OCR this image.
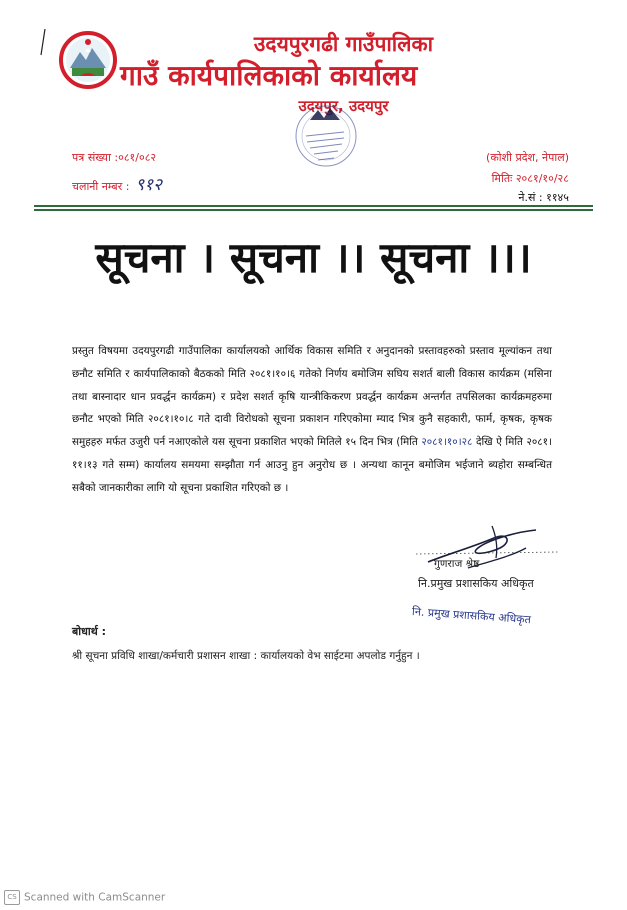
उदयपुरगढी गाउँपालिका
गाउँ कार्यपालिकाको कार्यालय
उदयपुर, उदयपुर
पत्र संख्या :०८१/०८२
चलानी नम्बर : ९१२
(कोशी प्रदेश, नेपाल)
मितिः २०८१/१०/२८
ने.सं : ११४५
सूचना । सूचना ।। सूचना ।।।
प्रस्तुत विषयमा उदयपुरगढी गाउँपालिका कार्यालयको आर्थिक विकास समिति र अनुदानको प्रस्तावहरुको प्रस्ताव मूल्यांकन तथा छनौट समिति र कार्यपालिकाको बैठकको मिति २०८१।१०।६ गतेको निर्णय बमोजिम सघिय सशर्त बाली विकास कार्यक्रम (मसिना तथा बास्नादार धान प्रवर्द्धन कार्यक्रम) र प्रदेश सशर्त कृषि यान्त्रीकिकरण प्रवर्द्धन कार्यक्रम अन्तर्गत तपसिलका कार्यक्रमहरुमा छनौट भएको मिति २०८१।१०।८ गते दावी विरोधको सूचना प्रकाशन गरिएकोमा म्याद भित्र कुनै सहकारी, फार्म, कृषक, कृषक समुहहरु मर्फत उजुरी पर्न नआएकोले यस सूचना प्रकाशित भएको मितिले १५ दिन भित्र (मिति २०८१।१०।२८ देखि ऐ मिति २०८१।११।१३ गते सम्म) कार्यालय समयमा सम्झौता गर्न आउनु हुन अनुरोध छ । अन्यथा कानून बमोजिम भईजाने ब्यहोरा सम्बन्धित सबैको जानकारीका लागि यो सूचना प्रकाशित गरिएको छ ।
गुणराज श्रेष्ठ
नि.प्रमुख प्रशासकिय अधिकृत
नि. प्रमुख प्रशासकिय अधिकृत
बोधार्थ :
श्री सूचना प्रविधि शाखा/कर्मचारी प्रशासन शाखा : कार्यालयको वेभ साईटमा अपलोड गर्नुहुन ।
CS Scanned with CamScanner
